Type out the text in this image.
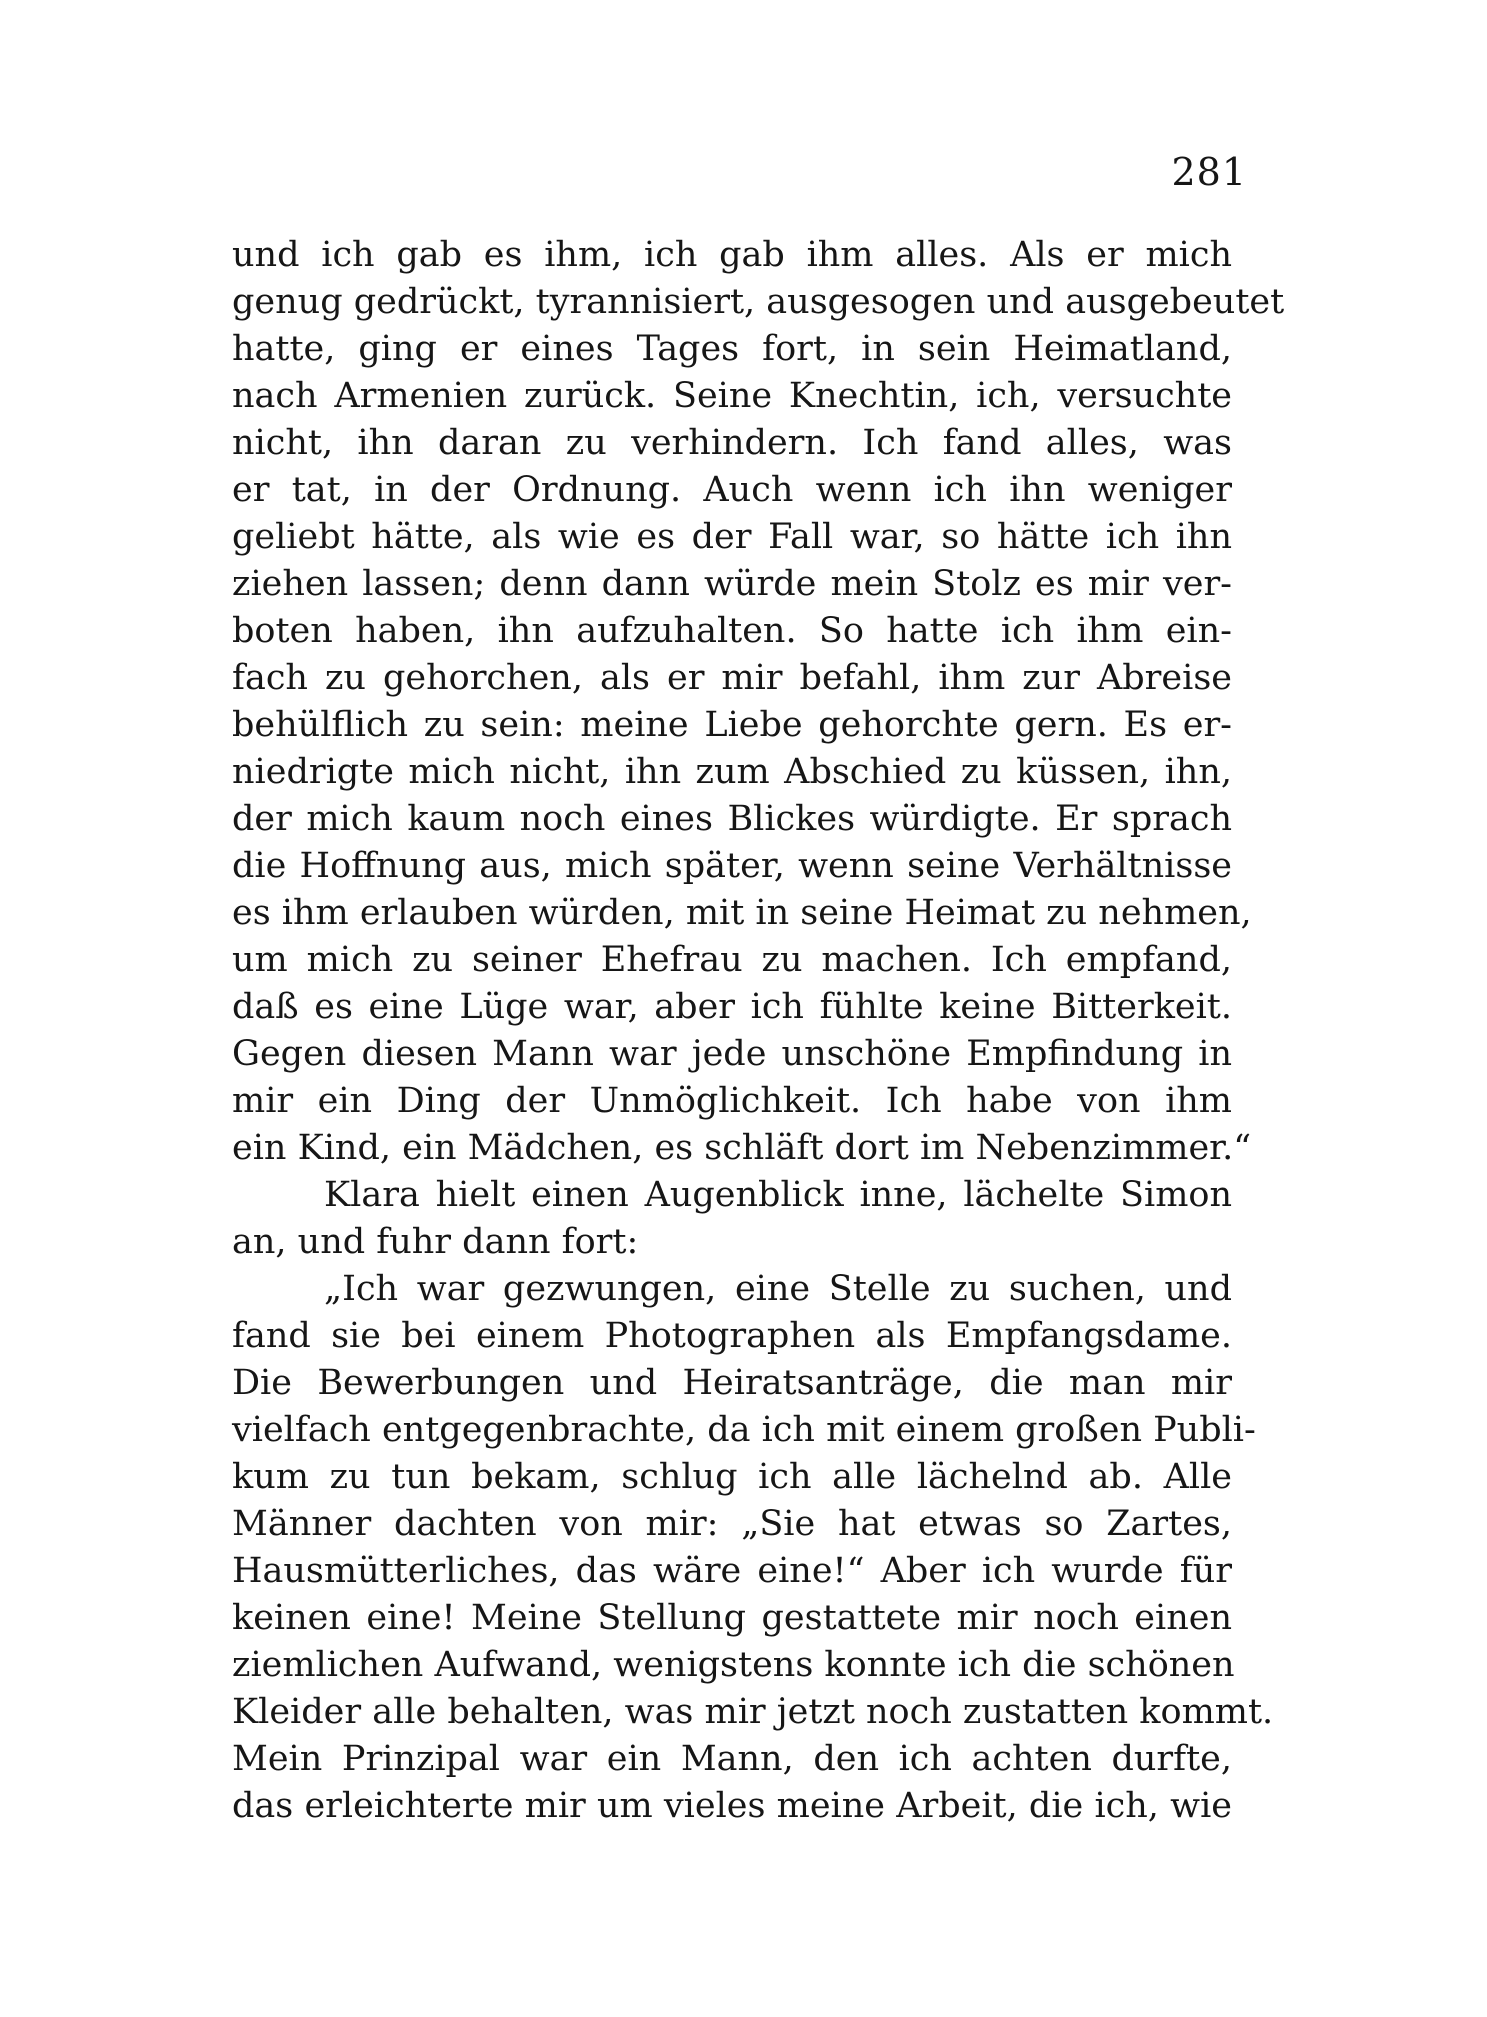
281
und ich gab es ihm, ich gab ihm alles. Als er mich
genug gedrückt, tyrannisiert, ausgesogen und ausgebeutet
hatte, ging er eines Tages fort, in sein Heimatland,
nach Armenien zurück. Seine Knechtin, ich, versuchte
nicht, ihn daran zu verhindern. Ich fand alles, was
er tat, in der Ordnung. Auch wenn ich ihn weniger
geliebt hätte, als wie es der Fall war, so hätte ich ihn
ziehen lassen; denn dann würde mein Stolz es mir ver-
boten haben, ihn aufzuhalten. So hatte ich ihm ein-
fach zu gehorchen, als er mir befahl, ihm zur Abreise
behülflich zu sein: meine Liebe gehorchte gern. Es er-
niedrigte mich nicht, ihn zum Abschied zu küssen, ihn,
der mich kaum noch eines Blickes würdigte. Er sprach
die Hoffnung aus, mich später, wenn seine Verhältnisse
es ihm erlauben würden, mit in seine Heimat zu nehmen,
um mich zu seiner Ehefrau zu machen. Ich empfand,
daß es eine Lüge war, aber ich fühlte keine Bitterkeit.
Gegen diesen Mann war jede unschöne Empfindung in
mir ein Ding der Unmöglichkeit. Ich habe von ihm
ein Kind, ein Mädchen, es schläft dort im Nebenzimmer.“
Klara hielt einen Augenblick inne, lächelte Simon
an, und fuhr dann fort:
„Ich war gezwungen, eine Stelle zu suchen, und
fand sie bei einem Photographen als Empfangsdame.
Die Bewerbungen und Heiratsanträge, die man mir
vielfach entgegenbrachte, da ich mit einem großen Publi-
kum zu tun bekam, schlug ich alle lächelnd ab. Alle
Männer dachten von mir: „Sie hat etwas so Zartes,
Hausmütterliches, das wäre eine!“ Aber ich wurde für
keinen eine! Meine Stellung gestattete mir noch einen
ziemlichen Aufwand, wenigstens konnte ich die schönen
Kleider alle behalten, was mir jetzt noch zustatten kommt.
Mein Prinzipal war ein Mann, den ich achten durfte,
das erleichterte mir um vieles meine Arbeit, die ich, wie
